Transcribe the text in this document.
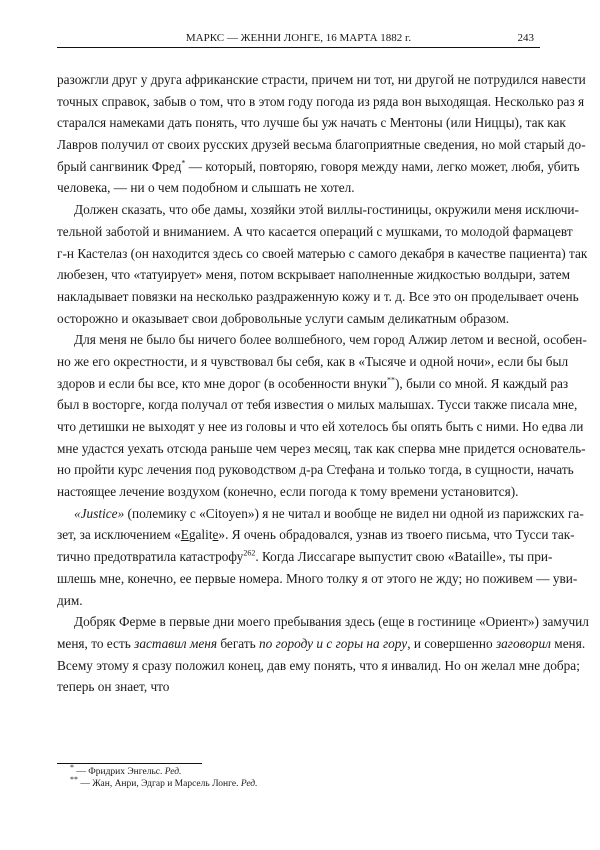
МАРКС — ЖЕННИ ЛОНГЕ, 16 МАРТА 1882 г.	243
разожгли друг у друга африканские страсти, причем ни тот, ни другой не потрудился навести
точных справок, забыв о том, что в этом году погода из ряда вон выходящая. Несколько раз я
старался намеками дать понять, что лучше бы уж начать с Ментоны (или Ниццы), так как
Лавров получил от своих русских друзей весьма благоприятные сведения, но мой старый до-
брый сангвиник Фред* — который, повторяю, говоря между нами, легко может, любя, убить
человека, — ни о чем подобном и слышать не хотел.
Должен сказать, что обе дамы, хозяйки этой виллы-гостиницы, окружили меня исключи-
тельной заботой и вниманием. А что касается операций с мушками, то молодой фармацевт
г-н Кастелаз (он находится здесь со своей матерью с самого декабря в качестве пациента) так
любезен, что «татуирует» меня, потом вскрывает наполненные жидкостью волдыри, затем
накладывает повязки на несколько раздраженную кожу и т. д. Все это он проделывает очень
осторожно и оказывает свои добровольные услуги самым деликатным образом.
Для меня не было бы ничего более волшебного, чем город Алжир летом и весной, особен-
но же его окрестности, и я чувствовал бы себя, как в «Тысяче и одной ночи», если бы был
здоров и если бы все, кто мне дорог (в особенности внуки**), были со мной. Я каждый раз
был в восторге, когда получал от тебя известия о милых малышах. Тусси также писала мне,
что детишки не выходят у нее из головы и что ей хотелось бы опять быть с ними. Но едва ли
мне удастся уехать отсюда раньше чем через месяц, так как сперва мне придется основатель-
но пройти курс лечения под руководством д-ра Стефана и только тогда, в сущности, начать
настоящее лечение воздухом (конечно, если погода к тому времени установится).
«Justice» (полемику с «Citoyen») я не читал и вообще не видел ни одной из парижских га-
зет, за исключением «Egalite». Я очень обрадовался, узнав из твоего письма, что Тусси так-
тично предотвратила катастрофу$^{262}$. Когда Лиссагаре выпустит свою «Bataille», ты при-
шлешь мне, конечно, ее первые номера. Много толку я от этого не жду; но поживем — уви-
дим.
Добряк Ферме в первые дни моего пребывания здесь (еще в гостинице «Ориент») замучил
меня, то есть заставил меня бегать по городу и с горы на гору, и совершенно заговорил меня.
Всему этому я сразу положил конец, дав ему понять, что я инвалид. Но он желал мне добра;
теперь он знает, что
* — Фридрих Энгельс. Ред.
** — Жан, Анри, Эдгар и Марсель Лонге. Ред.
